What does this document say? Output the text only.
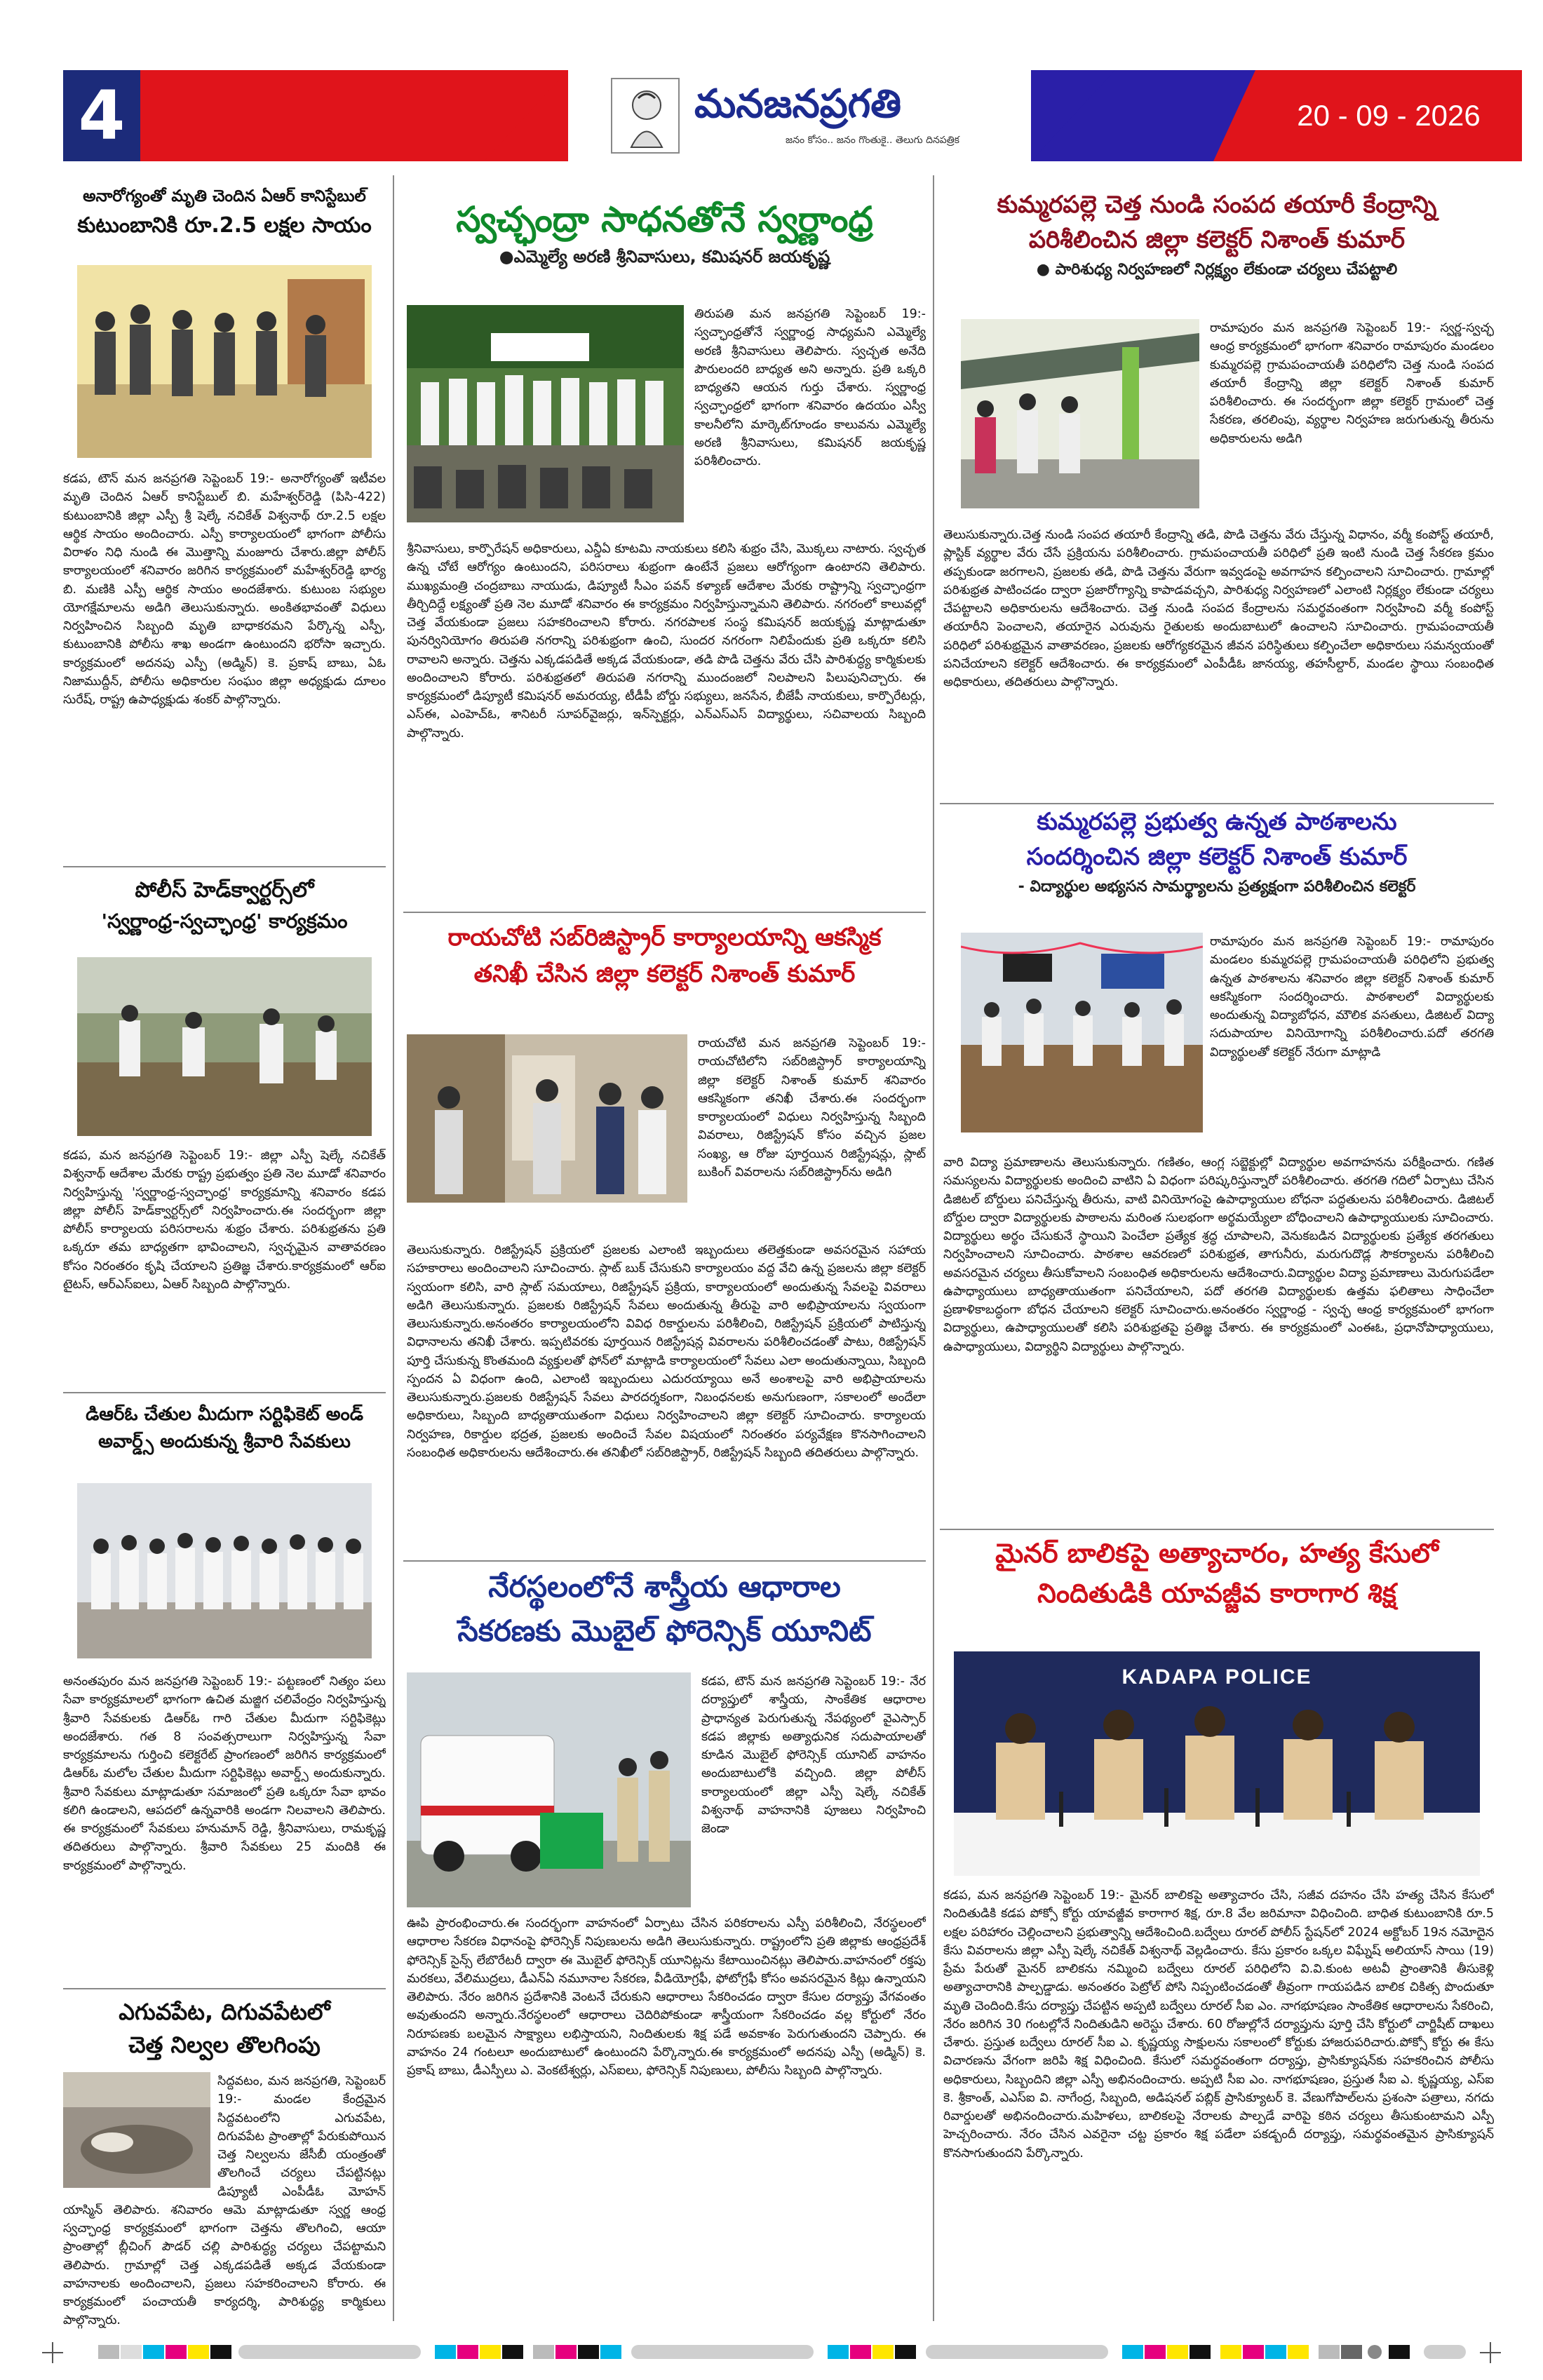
20 - 09 - 2026
4	మనజనప్రగతి
జనం కోసం.. జనం గొంతుకై.. తెలుగు దినపత్రిక
అనారోగ్యంతో మృతి చెందిన ఏఆర్ కానిస్టేబుల్
కుటుంబానికి రూ.2.5 లక్షల సాయం
కడప, టౌన్ మన జనప్రగతి సెప్టెంబర్ 19:- అనారోగ్యంతో ఇటీవల మృతి చెందిన ఏఆర్ కానిస్టేబుల్ బి. మహేశ్వర్‌రెడ్డి (పిసి-422) కుటుంబానికి జిల్లా ఎస్పీ శ్రీ షెల్కే నచికేత్ విశ్వనాథ్ రూ.2.5 లక్షల ఆర్థిక సాయం అందించారు. ఎస్పీ కార్యాలయంలో భాగంగా పోలీసు విరాళం నిధి నుండి ఈ మొత్తాన్ని మంజూరు చేశారు.జిల్లా పోలీస్ కార్యాలయంలో శనివారం జరిగిన కార్యక్రమంలో మహేశ్వర్‌రెడ్డి భార్య బి. మణికి ఎస్పీ ఆర్థిక సాయం అందజేశారు. కుటుంబ సభ్యుల యోగక్షేమాలను అడిగి తెలుసుకున్నారు. అంకితభావంతో విధులు నిర్వహించిన సిబ్బంది మృతి బాధాకరమని పేర్కొన్న ఎస్పీ, కుటుంబానికి పోలీసు శాఖ అండగా ఉంటుందని భరోసా ఇచ్చారు. కార్యక్రమంలో అదనపు ఎస్పీ (అడ్మిన్) కె. ప్రకాష్ బాబు, ఏఓ నిజాముద్దీన్, పోలీసు అధికారుల సంఘం జిల్లా అధ్యక్షుడు దూలం సురేష్, రాష్ట్ర ఉపాధ్యక్షుడు శంకర్ పాల్గొన్నారు.
పోలీస్ హెడ్‌క్వార్టర్స్‌లో
'స్వర్ణాంధ్ర-స్వచ్ఛాంధ్ర' కార్యక్రమం
కడప, మన జనప్రగతి సెప్టెంబర్ 19:- జిల్లా ఎస్పీ షెల్కే నచికేత్ విశ్వనాథ్ ఆదేశాల మేరకు రాష్ట్ర ప్రభుత్వం ప్రతి నెల మూడో శనివారం నిర్వహిస్తున్న 'స్వర్ణాంధ్ర-స్వచ్ఛాంధ్ర' కార్యక్రమాన్ని శనివారం కడప జిల్లా పోలీస్ హెడ్‌క్వార్టర్స్‌లో నిర్వహించారు.ఈ సందర్భంగా జిల్లా పోలీస్ కార్యాలయ పరిసరాలను శుభ్రం చేశారు. పరిశుభ్రతను ప్రతి ఒక్కరూ తమ బాధ్యతగా భావించాలని, స్వచ్ఛమైన వాతావరణం కోసం నిరంతరం కృషి చేయాలని ప్రతిజ్ఞ చేశారు.కార్యక్రమంలో ఆర్ఐ టైటస్, ఆర్ఎస్ఐలు, ఏఆర్ సిబ్బంది పాల్గొన్నారు.
డిఆర్‌ఓ చేతుల మీదుగా సర్టిఫికెట్ అండ్
అవార్డ్స్ అందుకున్న శ్రీవారి సేవకులు
అనంతపురం మన జనప్రగతి సెప్టెంబర్ 19:- పట్టణంలో నిత్యం పలు సేవా కార్యక్రమాలలో భాగంగా ఉచిత మజ్జిగ చలివేంద్రం నిర్వహిస్తున్న శ్రీవారి సేవకులకు డిఆర్‌ఓ గారి చేతుల మీదుగా సర్టిఫికెట్లు అందజేశారు. గత 8 సంవత్సరాలుగా నిర్వహిస్తున్న సేవా కార్యక్రమాలను గుర్తించి కలెక్టరేట్ ప్రాంగణంలో జరిగిన కార్యక్రమంలో డిఆర్‌ఓ మలోల చేతుల మీదుగా సర్టిఫికెట్లు అవార్డ్స్ అందుకున్నారు. శ్రీవారి సేవకులు మాట్లాడుతూ సమాజంలో ప్రతి ఒక్కరూ సేవా భావం కలిగి ఉండాలని, ఆపదలో ఉన్నవారికి అండగా నిలవాలని తెలిపారు. ఈ కార్యక్రమంలో సేవకులు హనుమాన్ రెడ్డి, శ్రీనివాసులు, రామకృష్ణ తదితరులు పాల్గొన్నారు. శ్రీవారి సేవకులు 25 మందికి ఈ కార్యక్రమంలో పాల్గొన్నారు.
ఎగువపేట, దిగువపేటలో
చెత్త నిల్వల తొలగింపు
సిద్దవటం, మన జనప్రగతి, సెప్టెంబర్ 19:- మండల కేంద్రమైన సిద్దవటంలోని ఎగువపేట, దిగువపేట ప్రాంతాల్లో పేరుకుపోయిన చెత్త నిల్వలను జేసీబీ యంత్రంతో తొలగించే చర్యలు చేపట్టినట్లు డిప్యూటీ ఎంపీడీఓ మోహన్ యాస్మిన్ తెలిపారు. శనివారం ఆమె మాట్లాడుతూ స్వర్ణ ఆంధ్ర స్వచ్ఛాంధ్ర కార్యక్రమంలో భాగంగా చెత్తను తొలగించి, ఆయా ప్రాంతాల్లో బ్లీచింగ్ పౌడర్ చల్లి పారిశుద్ధ్య చర్యలు చేపట్టామని తెలిపారు. గ్రామాల్లో చెత్త ఎక్కడపడితే అక్కడ వేయకుండా వాహనాలకు అందించాలని, ప్రజలు సహకరించాలని కోరారు. ఈ కార్యక్రమంలో పంచాయతీ కార్యదర్శి, పారిశుద్ధ్య కార్మికులు పాల్గొన్నారు.
స్వచ్ఛంద్రా సాధనతోనే స్వర్ణాంధ్ర
●ఎమ్మెల్యే అరణి శ్రీనివాసులు, కమిషనర్ జయకృష్ణ
తిరుపతి మన జనప్రగతి సెప్టెంబర్ 19:- స్వచ్ఛాంధ్రతోనే స్వర్ణాంధ్ర సాధ్యమని ఎమ్మెల్యే అరణి శ్రీనివాసులు తెలిపారు. స్వచ్ఛత అనేది పౌరులందరి బాధ్యత అని అన్నారు. ప్రతి ఒక్కరి బాధ్యతని ఆయన గుర్తు చేశారు. స్వర్ణాంధ్ర స్వచ్ఛాంధ్రలో భాగంగా శనివారం ఉదయం ఎస్వీ కాలనీలోని మార్కెట్‌గూండం కాలువను ఎమ్మెల్యే అరణి శ్రీనివాసులు, కమిషనర్ జయకృష్ణ పరిశీలించారు.
శ్రీనివాసులు, కార్పొరేషన్ అధికారులు, ఎన్డీఏ కూటమి నాయకులు కలిసి శుభ్రం చేసి, మొక్కలు నాటారు. స్వచ్ఛత ఉన్న చోటే ఆరోగ్యం ఉంటుందని, పరిసరాలు శుభ్రంగా ఉంటేనే ప్రజలు ఆరోగ్యంగా ఉంటారని తెలిపారు. ముఖ్యమంత్రి చంద్రబాబు నాయుడు, డిప్యూటీ సీఎం పవన్ కళ్యాణ్ ఆదేశాల మేరకు రాష్ట్రాన్ని స్వచ్ఛాంధ్రగా తీర్చిదిద్దే లక్ష్యంతో ప్రతి నెల మూడో శనివారం ఈ కార్యక్రమం నిర్వహిస్తున్నామని తెలిపారు. నగరంలో కాలువల్లో చెత్త వేయకుండా ప్రజలు సహకరించాలని కోరారు. నగరపాలక సంస్థ కమిషనర్ జయకృష్ణ మాట్లాడుతూ పునర్వినియోగం తిరుపతి నగరాన్ని పరిశుభ్రంగా ఉంచి, సుందర నగరంగా నిలిపేందుకు ప్రతి ఒక్కరూ కలిసి రావాలని అన్నారు. చెత్తను ఎక్కడపడితే అక్కడ వేయకుండా, తడి పొడి చెత్తను వేరు చేసి పారిశుద్ధ్య కార్మికులకు అందించాలని కోరారు. పరిశుభ్రతలో తిరుపతి నగరాన్ని ముందంజలో నిలపాలని పిలుపునిచ్చారు. ఈ కార్యక్రమంలో డిప్యూటీ కమిషనర్ అమరయ్య, టీడీపీ బోర్డు సభ్యులు, జనసేన, బీజేపీ నాయకులు, కార్పొరేటర్లు, ఎస్ఈ, ఎంహెచ్‌ఓ, శానిటరీ సూపర్‌వైజర్లు, ఇన్‌స్పెక్టర్లు, ఎన్ఎస్ఎస్ విద్యార్థులు, సచివాలయ సిబ్బంది పాల్గొన్నారు.
రాయచోటి సబ్‌రిజిస్ట్రార్ కార్యాలయాన్ని ఆకస్మిక
తనిఖీ చేసిన జిల్లా కలెక్టర్ నిశాంత్ కుమార్
రాయచోటి మన జనప్రగతి సెప్టెంబర్ 19:- రాయచోటిలోని సబ్‌రిజిస్ట్రార్ కార్యాలయాన్ని జిల్లా కలెక్టర్ నిశాంత్ కుమార్ శనివారం ఆకస్మికంగా తనిఖీ చేశారు.ఈ సందర్భంగా కార్యాలయంలో విధులు నిర్వహిస్తున్న సిబ్బంది వివరాలు, రిజిస్ట్రేషన్ కోసం వచ్చిన ప్రజల సంఖ్య, ఆ రోజు పూర్తయిన రిజిస్ట్రేషన్లు, స్లాట్ బుకింగ్ వివరాలను సబ్‌రిజిస్ట్రార్‌ను అడిగి
తెలుసుకున్నారు. రిజిస్ట్రేషన్ ప్రక్రియలో ప్రజలకు ఎలాంటి ఇబ్బందులు తలెత్తకుండా అవసరమైన సహాయ సహకారాలు అందించాలని సూచించారు. స్లాట్ బుక్ చేసుకుని కార్యాలయం వద్ద వేచి ఉన్న ప్రజలను జిల్లా కలెక్టర్ స్వయంగా కలిసి, వారి స్లాట్ సమయాలు, రిజిస్ట్రేషన్ ప్రక్రియ, కార్యాలయంలో అందుతున్న సేవలపై వివరాలు అడిగి తెలుసుకున్నారు. ప్రజలకు రిజిస్ట్రేషన్ సేవలు అందుతున్న తీరుపై వారి అభిప్రాయాలను స్వయంగా తెలుసుకున్నారు.అనంతరం కార్యాలయంలోని వివిధ రికార్డులను పరిశీలించి, రిజిస్ట్రేషన్ ప్రక్రియలో పాటిస్తున్న విధానాలను తనిఖీ చేశారు. ఇప్పటివరకు పూర్తయిన రిజిస్ట్రేషన్ల వివరాలను పరిశీలించడంతో పాటు, రిజిస్ట్రేషన్ పూర్తి చేసుకున్న కొంతమంది వ్యక్తులతో ఫోన్‌లో మాట్లాడి కార్యాలయంలో సేవలు ఎలా అందుతున్నాయి, సిబ్బంది స్పందన ఏ విధంగా ఉంది, ఎలాంటి ఇబ్బందులు ఎదురయ్యాయి అనే అంశాలపై వారి అభిప్రాయాలను తెలుసుకున్నారు.ప్రజలకు రిజిస్ట్రేషన్ సేవలు పారదర్శకంగా, నిబంధనలకు అనుగుణంగా, సకాలంలో అందేలా అధికారులు, సిబ్బంది బాధ్యతాయుతంగా విధులు నిర్వహించాలని జిల్లా కలెక్టర్ సూచించారు. కార్యాలయ నిర్వహణ, రికార్డుల భద్రత, ప్రజలకు అందించే సేవల విషయంలో నిరంతరం పర్యవేక్షణ కొనసాగించాలని సంబంధిత అధికారులను ఆదేశించారు.ఈ తనిఖీలో సబ్‌రిజిస్ట్రార్, రిజిస్ట్రేషన్ సిబ్బంది తదితరులు పాల్గొన్నారు.
నేరస్థలంలోనే శాస్త్రీయ ఆధారాల
సేకరణకు మొబైల్ ఫోరెన్సిక్ యూనిట్
కడప, టౌన్ మన జనప్రగతి సెప్టెంబర్ 19:- నేర దర్యాప్తులో శాస్త్రీయ, సాంకేతిక ఆధారాల ప్రాధాన్యత పెరుగుతున్న నేపథ్యంలో వైఎస్సార్ కడప జిల్లాకు అత్యాధునిక సదుపాయాలతో కూడిన మొబైల్ ఫోరెన్సిక్ యూనిట్ వాహనం అందుబాటులోకి వచ్చింది. జిల్లా పోలీస్ కార్యాలయంలో జిల్లా ఎస్పీ షెల్కే నచికేత్ విశ్వనాథ్ వాహనానికి పూజలు నిర్వహించి జెండా
ఊపి ప్రారంభించారు.ఈ సందర్భంగా వాహనంలో ఏర్పాటు చేసిన పరికరాలను ఎస్పీ పరిశీలించి, నేరస్థలంలో ఆధారాల సేకరణ విధానంపై ఫోరెన్సిక్ నిపుణులను అడిగి తెలుసుకున్నారు. రాష్ట్రంలోని ప్రతి జిల్లాకు ఆంధ్రప్రదేశ్ ఫోరెన్సిక్ సైన్స్ లేబొరేటరీ ద్వారా ఈ మొబైల్ ఫోరెన్సిక్ యూనిట్లను కేటాయించినట్లు తెలిపారు.వాహనంలో రక్తపు మరకలు, వేలిముద్రలు, డీఎన్ఏ నమూనాల సేకరణ, వీడియోగ్రఫీ, ఫోటోగ్రఫీ కోసం అవసరమైన కిట్లు ఉన్నాయని తెలిపారు. నేరం జరిగిన ప్రదేశానికి వెంటనే చేరుకుని ఆధారాలు సేకరించడం ద్వారా కేసుల దర్యాప్తు వేగవంతం అవుతుందని అన్నారు.నేరస్థలంలో ఆధారాలు చెదిరిపోకుండా శాస్త్రీయంగా సేకరించడం వల్ల కోర్టులో నేరం నిరూపణకు బలమైన సాక్ష్యాలు లభిస్తాయని, నిందితులకు శిక్ష పడే అవకాశం పెరుగుతుందని చెప్పారు. ఈ వాహనం 24 గంటలూ అందుబాటులో ఉంటుందని పేర్కొన్నారు.ఈ కార్యక్రమంలో అదనపు ఎస్పీ (అడ్మిన్) కె. ప్రకాష్ బాబు, డీఎస్పీలు ఎ. వెంకటేశ్వర్లు, ఎస్ఐలు, ఫోరెన్సిక్ నిపుణులు, పోలీసు సిబ్బంది పాల్గొన్నారు.
కుమ్మరపల్లె చెత్త నుండి సంపద తయారీ కేంద్రాన్ని
పరిశీలించిన జిల్లా కలెక్టర్ నిశాంత్ కుమార్
● పారిశుధ్య నిర్వహణలో నిర్లక్ష్యం లేకుండా చర్యలు చేపట్టాలి
రామాపురం మన జనప్రగతి సెప్టెంబర్ 19:- స్వర్ణ-స్వచ్ఛ ఆంధ్ర కార్యక్రమంలో భాగంగా శనివారం రామాపురం మండలం కుమ్మరపల్లె గ్రామపంచాయతీ పరిధిలోని చెత్త నుండి సంపద తయారీ కేంద్రాన్ని జిల్లా కలెక్టర్ నిశాంత్ కుమార్ పరిశీలించారు. ఈ సందర్భంగా జిల్లా కలెక్టర్ గ్రామంలో చెత్త సేకరణ, తరలింపు, వ్యర్థాల నిర్వహణ జరుగుతున్న తీరును అధికారులను అడిగి
తెలుసుకున్నారు.చెత్త నుండి సంపద తయారీ కేంద్రాన్ని తడి, పొడి చెత్తను వేరు చేస్తున్న విధానం, వర్మీ కంపోస్ట్ తయారీ, ప్లాస్టిక్ వ్యర్థాల వేరు చేసే ప్రక్రియను పరిశీలించారు. గ్రామపంచాయతీ పరిధిలో ప్రతి ఇంటి నుండి చెత్త సేకరణ క్రమం తప్పకుండా జరగాలని, ప్రజలకు తడి, పొడి చెత్తను వేరుగా ఇవ్వడంపై అవగాహన కల్పించాలని సూచించారు. గ్రామాల్లో పరిశుభ్రత పాటించడం ద్వారా ప్రజారోగ్యాన్ని కాపాడవచ్చని, పారిశుధ్య నిర్వహణలో ఎలాంటి నిర్లక్ష్యం లేకుండా చర్యలు చేపట్టాలని అధికారులను ఆదేశించారు. చెత్త నుండి సంపద కేంద్రాలను సమర్థవంతంగా నిర్వహించి వర్మీ కంపోస్ట్ తయారీని పెంచాలని, తయారైన ఎరువును రైతులకు అందుబాటులో ఉంచాలని సూచించారు. గ్రామపంచాయతీ పరిధిలో పరిశుభ్రమైన వాతావరణం, ప్రజలకు ఆరోగ్యకరమైన జీవన పరిస్థితులు కల్పించేలా అధికారులు సమన్వయంతో పనిచేయాలని కలెక్టర్ ఆదేశించారు. ఈ కార్యక్రమంలో ఎంపీడీఓ జానయ్య, తహసీల్దార్, మండల స్థాయి సంబంధిత అధికారులు, తదితరులు పాల్గొన్నారు.
కుమ్మరపల్లె ప్రభుత్వ ఉన్నత పాఠశాలను
సందర్శించిన జిల్లా కలెక్టర్ నిశాంత్ కుమార్
- విద్యార్థుల అభ్యసన సామర్థ్యాలను ప్రత్యక్షంగా పరిశీలించిన కలెక్టర్
రామాపురం మన జనప్రగతి సెప్టెంబర్ 19:- రామాపురం మండలం కుమ్మరపల్లె గ్రామపంచాయతీ పరిధిలోని ప్రభుత్వ ఉన్నత పాఠశాలను శనివారం జిల్లా కలెక్టర్ నిశాంత్ కుమార్ ఆకస్మికంగా సందర్శించారు. పాఠశాలలో విద్యార్థులకు అందుతున్న విద్యాబోధన, మౌలిక వసతులు, డిజిటల్ విద్యా సదుపాయాల వినియోగాన్ని పరిశీలించారు.పదో తరగతి విద్యార్థులతో కలెక్టర్ నేరుగా మాట్లాడి
వారి విద్యా ప్రమాణాలను తెలుసుకున్నారు. గణితం, ఆంగ్ల సబ్జెక్టుల్లో విద్యార్థుల అవగాహనను పరీక్షించారు. గణిత సమస్యలను విద్యార్థులకు అందించి వాటిని ఏ విధంగా పరిష్కరిస్తున్నారో పరిశీలించారు. తరగతి గదిలో ఏర్పాటు చేసిన డిజిటల్ బోర్డులు పనిచేస్తున్న తీరును, వాటి వినియోగంపై ఉపాధ్యాయుల బోధనా పద్ధతులను పరిశీలించారు. డిజిటల్ బోర్డుల ద్వారా విద్యార్థులకు పాఠాలను మరింత సులభంగా అర్థమయ్యేలా బోధించాలని ఉపాధ్యాయులకు సూచించారు. విద్యార్థులు అర్థం చేసుకునే స్థాయిని పెంచేలా ప్రత్యేక శ్రద్ధ చూపాలని, వెనుకబడిన విద్యార్థులకు ప్రత్యేక తరగతులు నిర్వహించాలని సూచించారు. పాఠశాల ఆవరణలో పరిశుభ్రత, తాగునీరు, మరుగుదొడ్ల సౌకర్యాలను పరిశీలించి అవసరమైన చర్యలు తీసుకోవాలని సంబంధిత అధికారులను ఆదేశించారు.విద్యార్థుల విద్యా ప్రమాణాలు మెరుగుపడేలా ఉపాధ్యాయులు బాధ్యతాయుతంగా పనిచేయాలని, పదో తరగతి విద్యార్థులకు ఉత్తమ ఫలితాలు సాధించేలా ప్రణాళికాబద్ధంగా బోధన చేయాలని కలెక్టర్ సూచించారు.అనంతరం స్వర్ణాంధ్ర - స్వచ్ఛ ఆంధ్ర కార్యక్రమంలో భాగంగా విద్యార్థులు, ఉపాధ్యాయులతో కలిసి పరిశుభ్రతపై ప్రతిజ్ఞ చేశారు. ఈ కార్యక్రమంలో ఎంఈఓ, ప్రధానోపాధ్యాయులు, ఉపాధ్యాయులు, విద్యార్థిని విద్యార్థులు పాల్గొన్నారు.
మైనర్ బాలికపై అత్యాచారం, హత్య కేసులో
నిందితుడికి యావజ్జీవ కారాగార శిక్ష
KADAPA POLICE
కడప, మన జనప్రగతి సెప్టెంబర్ 19:- మైనర్ బాలికపై అత్యాచారం చేసి, సజీవ దహనం చేసి హత్య చేసిన కేసులో నిందితుడికి కడప పోక్సో కోర్టు యావజ్జీవ కారాగార శిక్ష, రూ.8 వేల జరిమానా విధించింది. బాధిత కుటుంబానికి రూ.5 లక్షల పరిహారం చెల్లించాలని ప్రభుత్వాన్ని ఆదేశించింది.బద్వేలు రూరల్ పోలీస్ స్టేషన్‌లో 2024 అక్టోబర్ 19న నమోదైన కేసు వివరాలను జిల్లా ఎస్పీ షెల్కే నచికేత్ విశ్వనాథ్ వెల్లడించారు. కేసు ప్రకారం ఒక్కల విఘ్నేష్ అలియాస్ సాయి (19) ప్రేమ పేరుతో మైనర్ బాలికను నమ్మించి బద్వేలు రూరల్ పరిధిలోని వి.వి.కుంట అటవీ ప్రాంతానికి తీసుకెళ్లి అత్యాచారానికి పాల్పడ్డాడు. అనంతరం పెట్రోల్ పోసి నిప్పంటించడంతో తీవ్రంగా గాయపడిన బాలిక చికిత్స పొందుతూ మృతి చెందింది.కేసు దర్యాప్తు చేపట్టిన అప్పటి బద్వేలు రూరల్ సీఐ ఎం. నాగభూషణం సాంకేతిక ఆధారాలను సేకరించి, నేరం జరిగిన 30 గంటల్లోనే నిందితుడిని అరెస్టు చేశారు. 60 రోజుల్లోనే దర్యాప్తును పూర్తి చేసి కోర్టులో చార్జిషీట్ దాఖలు చేశారు. ప్రస్తుత బద్వేలు రూరల్ సీఐ ఎ. కృష్ణయ్య సాక్షులను సకాలంలో కోర్టుకు హాజరుపరిచారు.పోక్సో కోర్టు ఈ కేసు విచారణను వేగంగా జరిపి శిక్ష విధించింది. కేసులో సమర్థవంతంగా దర్యాప్తు, ప్రాసిక్యూషన్‌కు సహకరించిన పోలీసు అధికారులు, సిబ్బందిని జిల్లా ఎస్పీ అభినందించారు. అప్పటి సీఐ ఎం. నాగభూషణం, ప్రస్తుత సీఐ ఎ. కృష్ణయ్య, ఎస్ఐ కె. శ్రీకాంత్, ఎఎస్ఐ వి. నాగేంద్ర, సిబ్బంది, అడిషనల్ పబ్లిక్ ప్రాసిక్యూటర్ కె. వేణుగోపాల్‌లను ప్రశంసా పత్రాలు, నగదు రివార్డులతో అభినందించారు.మహిళలు, బాలికలపై నేరాలకు పాల్పడే వారిపై కఠిన చర్యలు తీసుకుంటామని ఎస్పీ హెచ్చరించారు. నేరం చేసిన ఎవరైనా చట్ట ప్రకారం శిక్ష పడేలా పకడ్బందీ దర్యాప్తు, సమర్థవంతమైన ప్రాసిక్యూషన్ కొనసాగుతుందని పేర్కొన్నారు.
